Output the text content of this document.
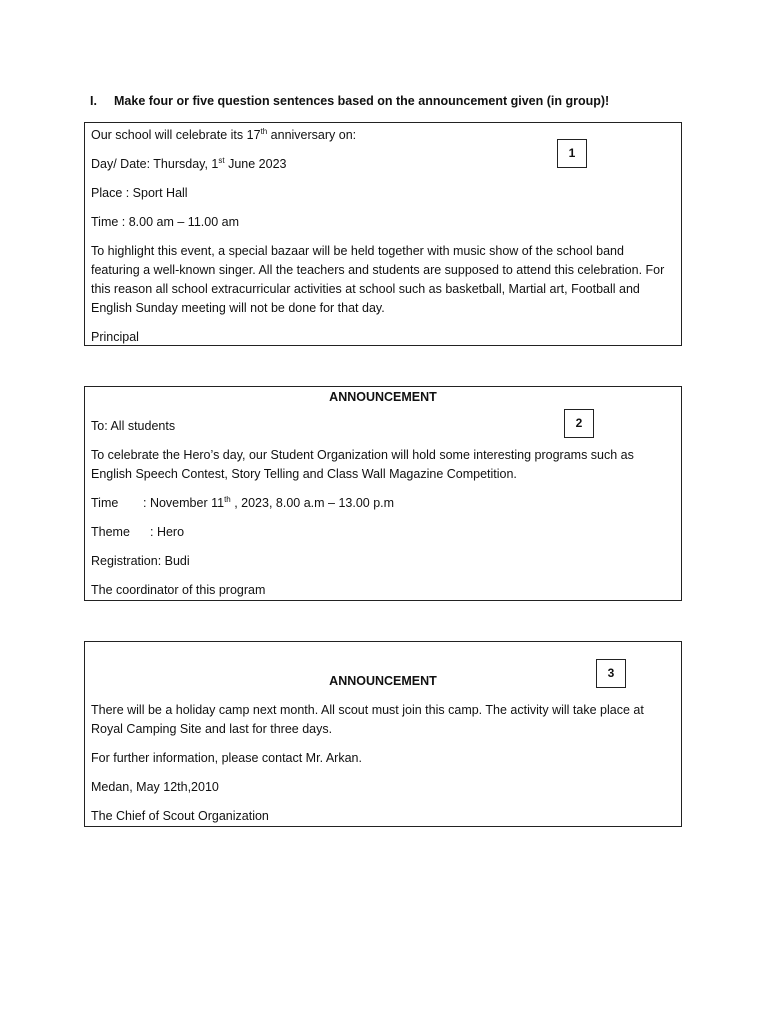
I. Make four or five question sentences based on the announcement given (in group)!

Our school will celebrate its 17th anniversary on:

Day/ Date: Thursday, 1st June 2023

Place : Sport Hall

Time : 8.00 am – 11.00 am

To highlight this event, a special bazaar will be held together with music show of the school band featuring a well-known singer. All the teachers and students are supposed to attend this celebration. For this reason all school extracurricular activities at school such as basketball, Martial art, Football and English Sunday meeting will not be done for that day.

Principal

1

ANNOUNCEMENT

To: All students

To celebrate the Hero’s day, our Student Organization will hold some interesting programs such as English Speech Contest, Story Telling and Class Wall Magazine Competition.

Time : November 11th , 2023, 8.00 a.m – 13.00 p.m

Theme : Hero

Registration: Budi

The coordinator of this program

2

ANNOUNCEMENT

There will be a holiday camp next month. All scout must join this camp. The activity will take place at Royal Camping Site and last for three days.

For further information, please contact Mr. Arkan.

Medan, May 12th,2010

The Chief of Scout Organization

3
